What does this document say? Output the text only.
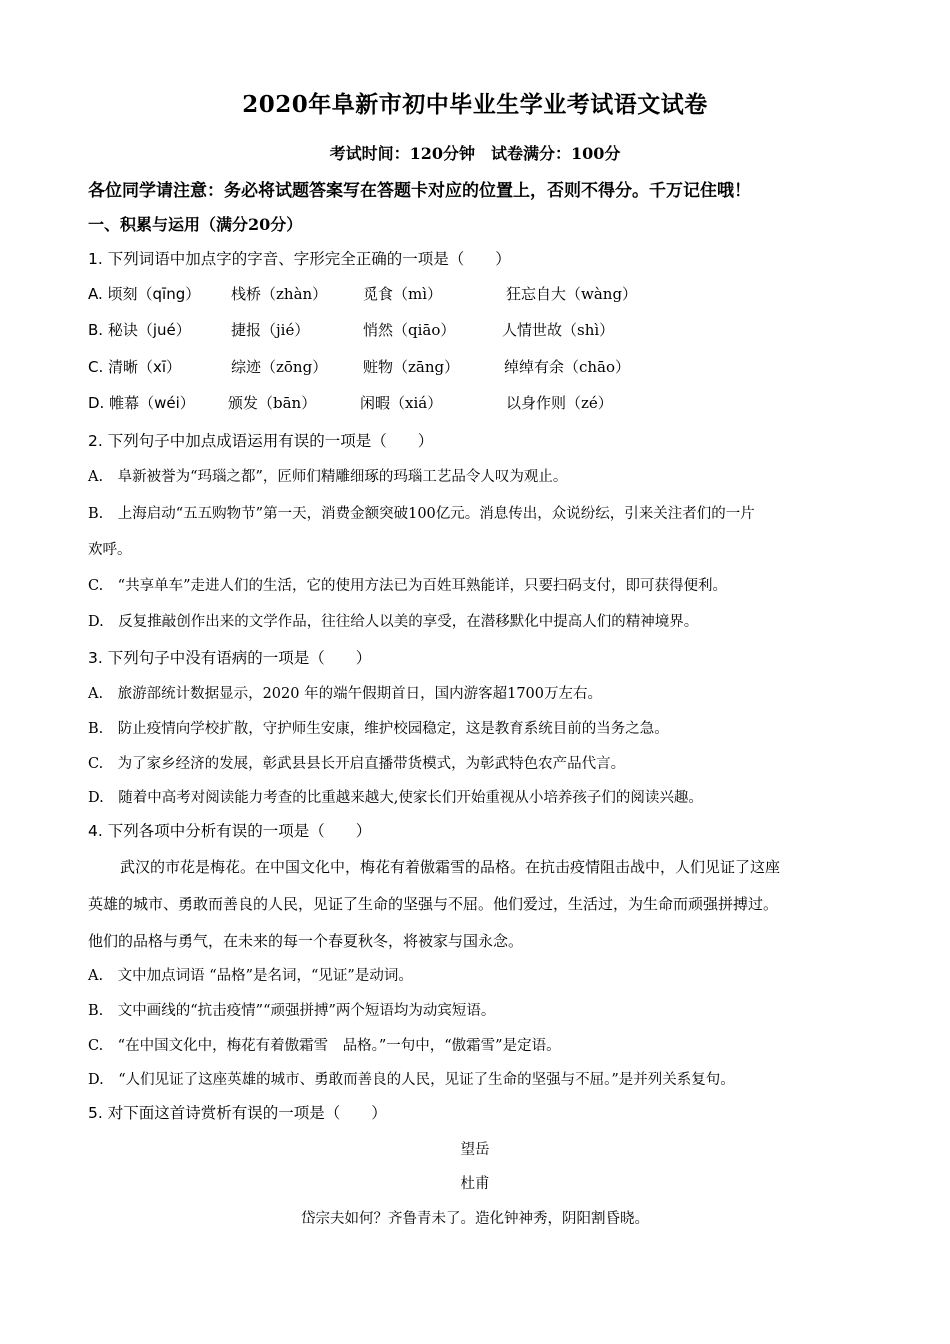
2020年阜新市初中毕业生学业考试语文试卷
考试时间：120分钟　试卷满分：100分
各位同学请注意：务必将试题答案写在答题卡对应的位置上，否则不得分。千万记住哦！
一、积累与运用（满分20分）
1. 下列词语中加点字的字音、字形完全正确的一项是（　　）
A. 顷刻（qīng） 栈桥（zhàn） 觅食（mì）	狂忘自大（wàng）
B. 秘诀（jué）	捷报（jié）	悄然（qiāo）	人情世故（shì）
C. 清晰（xī）	综迹（zōng） 赃物（zāng）	绰绰有余（chāo）
D. 帷幕（wéi） 颁发（bān）	闲暇（xiá）	以身作则（zé）
2. 下列句子中加点成语运用有误的一项是（　　）
A.　阜新被誉为“玛瑙之都”，匠师们精雕细琢的玛瑙工艺品令人叹为观止。
B.　上海启动“五五购物节”第一天，消费金额突破100亿元。消息传出，众说纷纭，引来关注者们的一片
欢呼。
C.　“共享单车”走进人们的生活，它的使用方法已为百姓耳熟能详，只要扫码支付，即可获得便利。
D.　反复推敲创作出来的文学作品，往往给人以美的享受，在潜移默化中提高人们的精神境界。
3. 下列句子中没有语病的一项是（　　）
A.　旅游部统计数据显示，2020 年的端午假期首日，国内游客超1700万左右。
B.　防止疫情向学校扩散，守护师生安康，维护校园稳定，这是教育系统目前的当务之急。
C.　为了家乡经济的发展，彰武县县长开启直播带货模式，为彰武特色农产品代言。
D.　随着中高考对阅读能力考查的比重越来越大,使家长们开始重视从小培养孩子们的阅读兴趣。
4. 下列各项中分析有误的一项是（　　）
武汉的市花是梅花。在中国文化中，梅花有着傲霜雪的品格。在抗击疫情阻击战中，人们见证了这座
英雄的城市、勇敢而善良的人民，见证了生命的坚强与不屈。他们爱过，生活过，为生命而顽强拼搏过。
他们的品格与勇气，在未来的每一个春夏秋冬，将被家与国永念。
A.　文中加点词语 “品格”是名词，“见证”是动词。
B.　文中画线的“抗击疫情”“顽强拼搏”两个短语均为动宾短语。
C.　“在中国文化中，梅花有着傲霜雪　品格。”一句中，“傲霜雪”是定语。
D.　“人们见证了这座英雄的城市、勇敢而善良的人民，见证了生命的坚强与不屈。”是并列关系复句。
5. 对下面这首诗赏析有误的一项是（　　）
望岳
杜甫
岱宗夫如何？齐鲁青未了。造化钟神秀，阴阳割昏晓。
